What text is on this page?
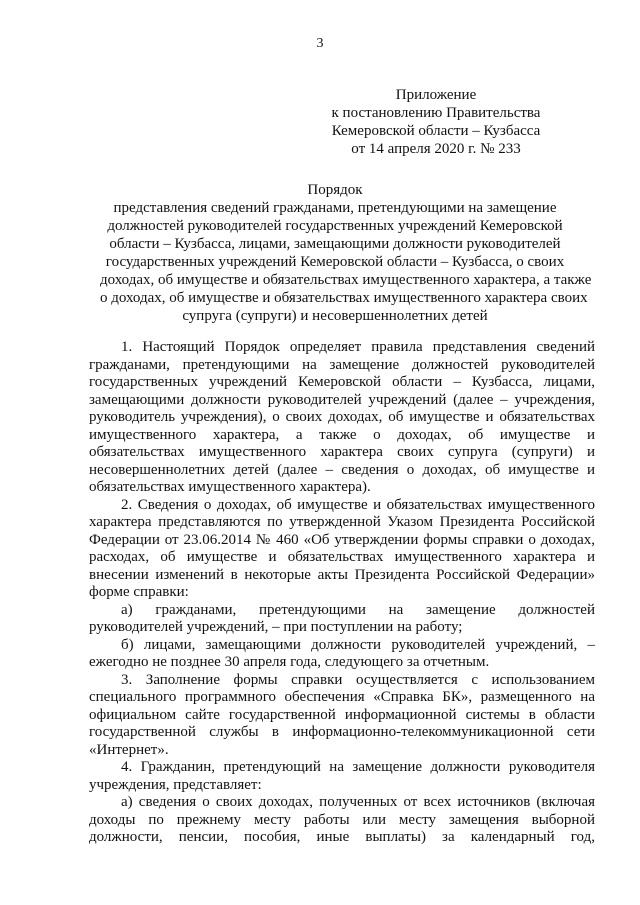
3
Приложение
к постановлению Правительства
Кемеровской области – Кузбасса
от 14 апреля 2020 г. № 233
Порядок
представления сведений гражданами, претендующими на замещение
должностей руководителей государственных учреждений Кемеровской
области – Кузбасса, лицами, замещающими должности руководителей
государственных учреждений Кемеровской области – Кузбасса, о своих
доходах, об имуществе и обязательствах имущественного характера, а также
о доходах, об имуществе и обязательствах имущественного характера своих
супруга (супруги) и несовершеннолетних детей
1. Настоящий Порядок определяет правила представления сведений
гражданами, претендующими на замещение должностей руководителей
государственных учреждений Кемеровской области – Кузбасса, лицами,
замещающими должности руководителей учреждений (далее – учреждения,
руководитель учреждения), о своих доходах, об имуществе и обязательствах
имущественного характера, а также о доходах, об имуществе и
обязательствах имущественного характера своих супруга (супруги) и
несовершеннолетних детей (далее – сведения о доходах, об имуществе и
обязательствах имущественного характера).
2. Сведения о доходах, об имуществе и обязательствах имущественного
характера представляются по утвержденной Указом Президента Российской
Федерации от 23.06.2014 № 460 «Об утверждении формы справки о доходах,
расходах, об имуществе и обязательствах имущественного характера и
внесении изменений в некоторые акты Президента Российской Федерации»
форме справки:
а) гражданами, претендующими на замещение должностей
руководителей учреждений, – при поступлении на работу;
б) лицами, замещающими должности руководителей учреждений, –
ежегодно не позднее 30 апреля года, следующего за отчетным.
3. Заполнение формы справки осуществляется с использованием
специального программного обеспечения «Справка БК», размещенного на
официальном сайте государственной информационной системы в области
государственной службы в информационно-телекоммуникационной сети
«Интернет».
4. Гражданин, претендующий на замещение должности руководителя
учреждения, представляет:
а) сведения о своих доходах, полученных от всех источников (включая
доходы по прежнему месту работы или месту замещения выборной
должности, пенсии, пособия, иные выплаты) за календарный год,
